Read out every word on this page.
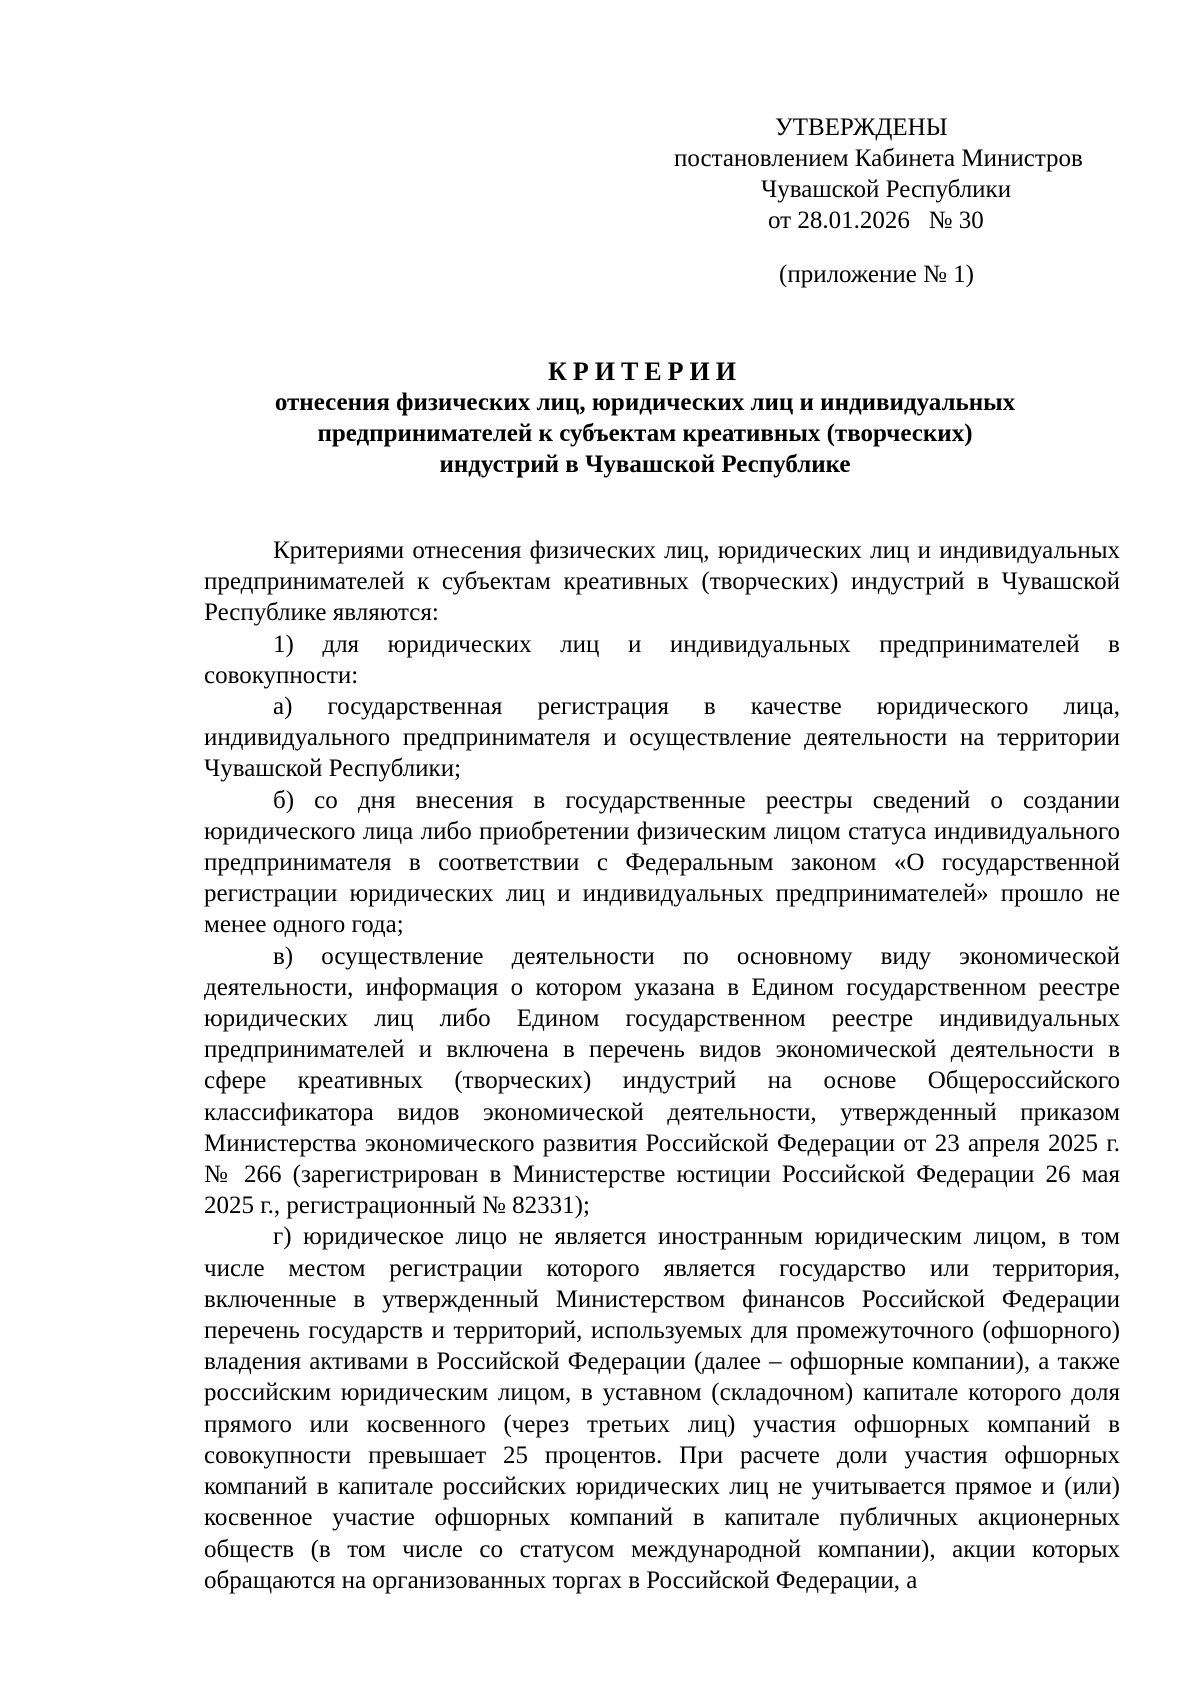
УТВЕРЖДЕНЫ
постановлением Кабинета Министров
Чувашской Республики
от 28.01.2026   № 30
(приложение № 1)
КРИТЕРИИ
отнесения физических лиц, юридических лиц и индивидуальных
предпринимателей к субъектам креативных (творческих)
индустрий в Чувашской Республике

Критериями отнесения физических лиц, юридических лиц и индивидуальных предпринимателей к субъектам креативных (творческих) индустрий в Чувашской Республике являются:

1) для юридических лиц и индивидуальных предпринимателей в совокупности:

а) государственная регистрация в качестве юридического лица, индивидуального предпринимателя и осуществление деятельности на территории Чувашской Республики;

б) со дня внесения в государственные реестры сведений о создании юридического лица либо приобретении физическим лицом статуса индивидуального предпринимателя в соответствии с Федеральным законом «О государственной регистрации юридических лиц и индивидуальных предпринимателей» прошло не менее одного года;

в) осуществление деятельности по основному виду экономической деятельности, информация о котором указана в Едином государственном реестре юридических лиц либо Едином государственном реестре индивидуальных предпринимателей и включена в перечень видов экономической деятельности в сфере креативных (творческих) индустрий на основе Общероссийского классификатора видов экономической деятельности, утвержденный приказом Министерства экономического развития Российской Федерации от 23 апреля 2025 г. № 266 (зарегистрирован в Министерстве юстиции Российской Федерации 26 мая 2025 г., регистрационный № 82331);

г) юридическое лицо не является иностранным юридическим лицом, в том числе местом регистрации которого является государство или территория, включенные в утвержденный Министерством финансов Российской Федерации перечень государств и территорий, используемых для промежуточного (офшорного) владения активами в Российской Федерации (далее – офшорные компании), а также российским юридическим лицом, в уставном (складочном) капитале которого доля прямого или косвенного (через третьих лиц) участия офшорных компаний в совокупности превышает 25 процентов. При расчете доли участия офшорных компаний в капитале российских юридических лиц не учитывается прямое и (или) косвенное участие офшорных компаний в капитале публичных акционерных обществ (в том числе со статусом международной компании), акции которых обращаются на организованных торгах в Российской Федерации, а
